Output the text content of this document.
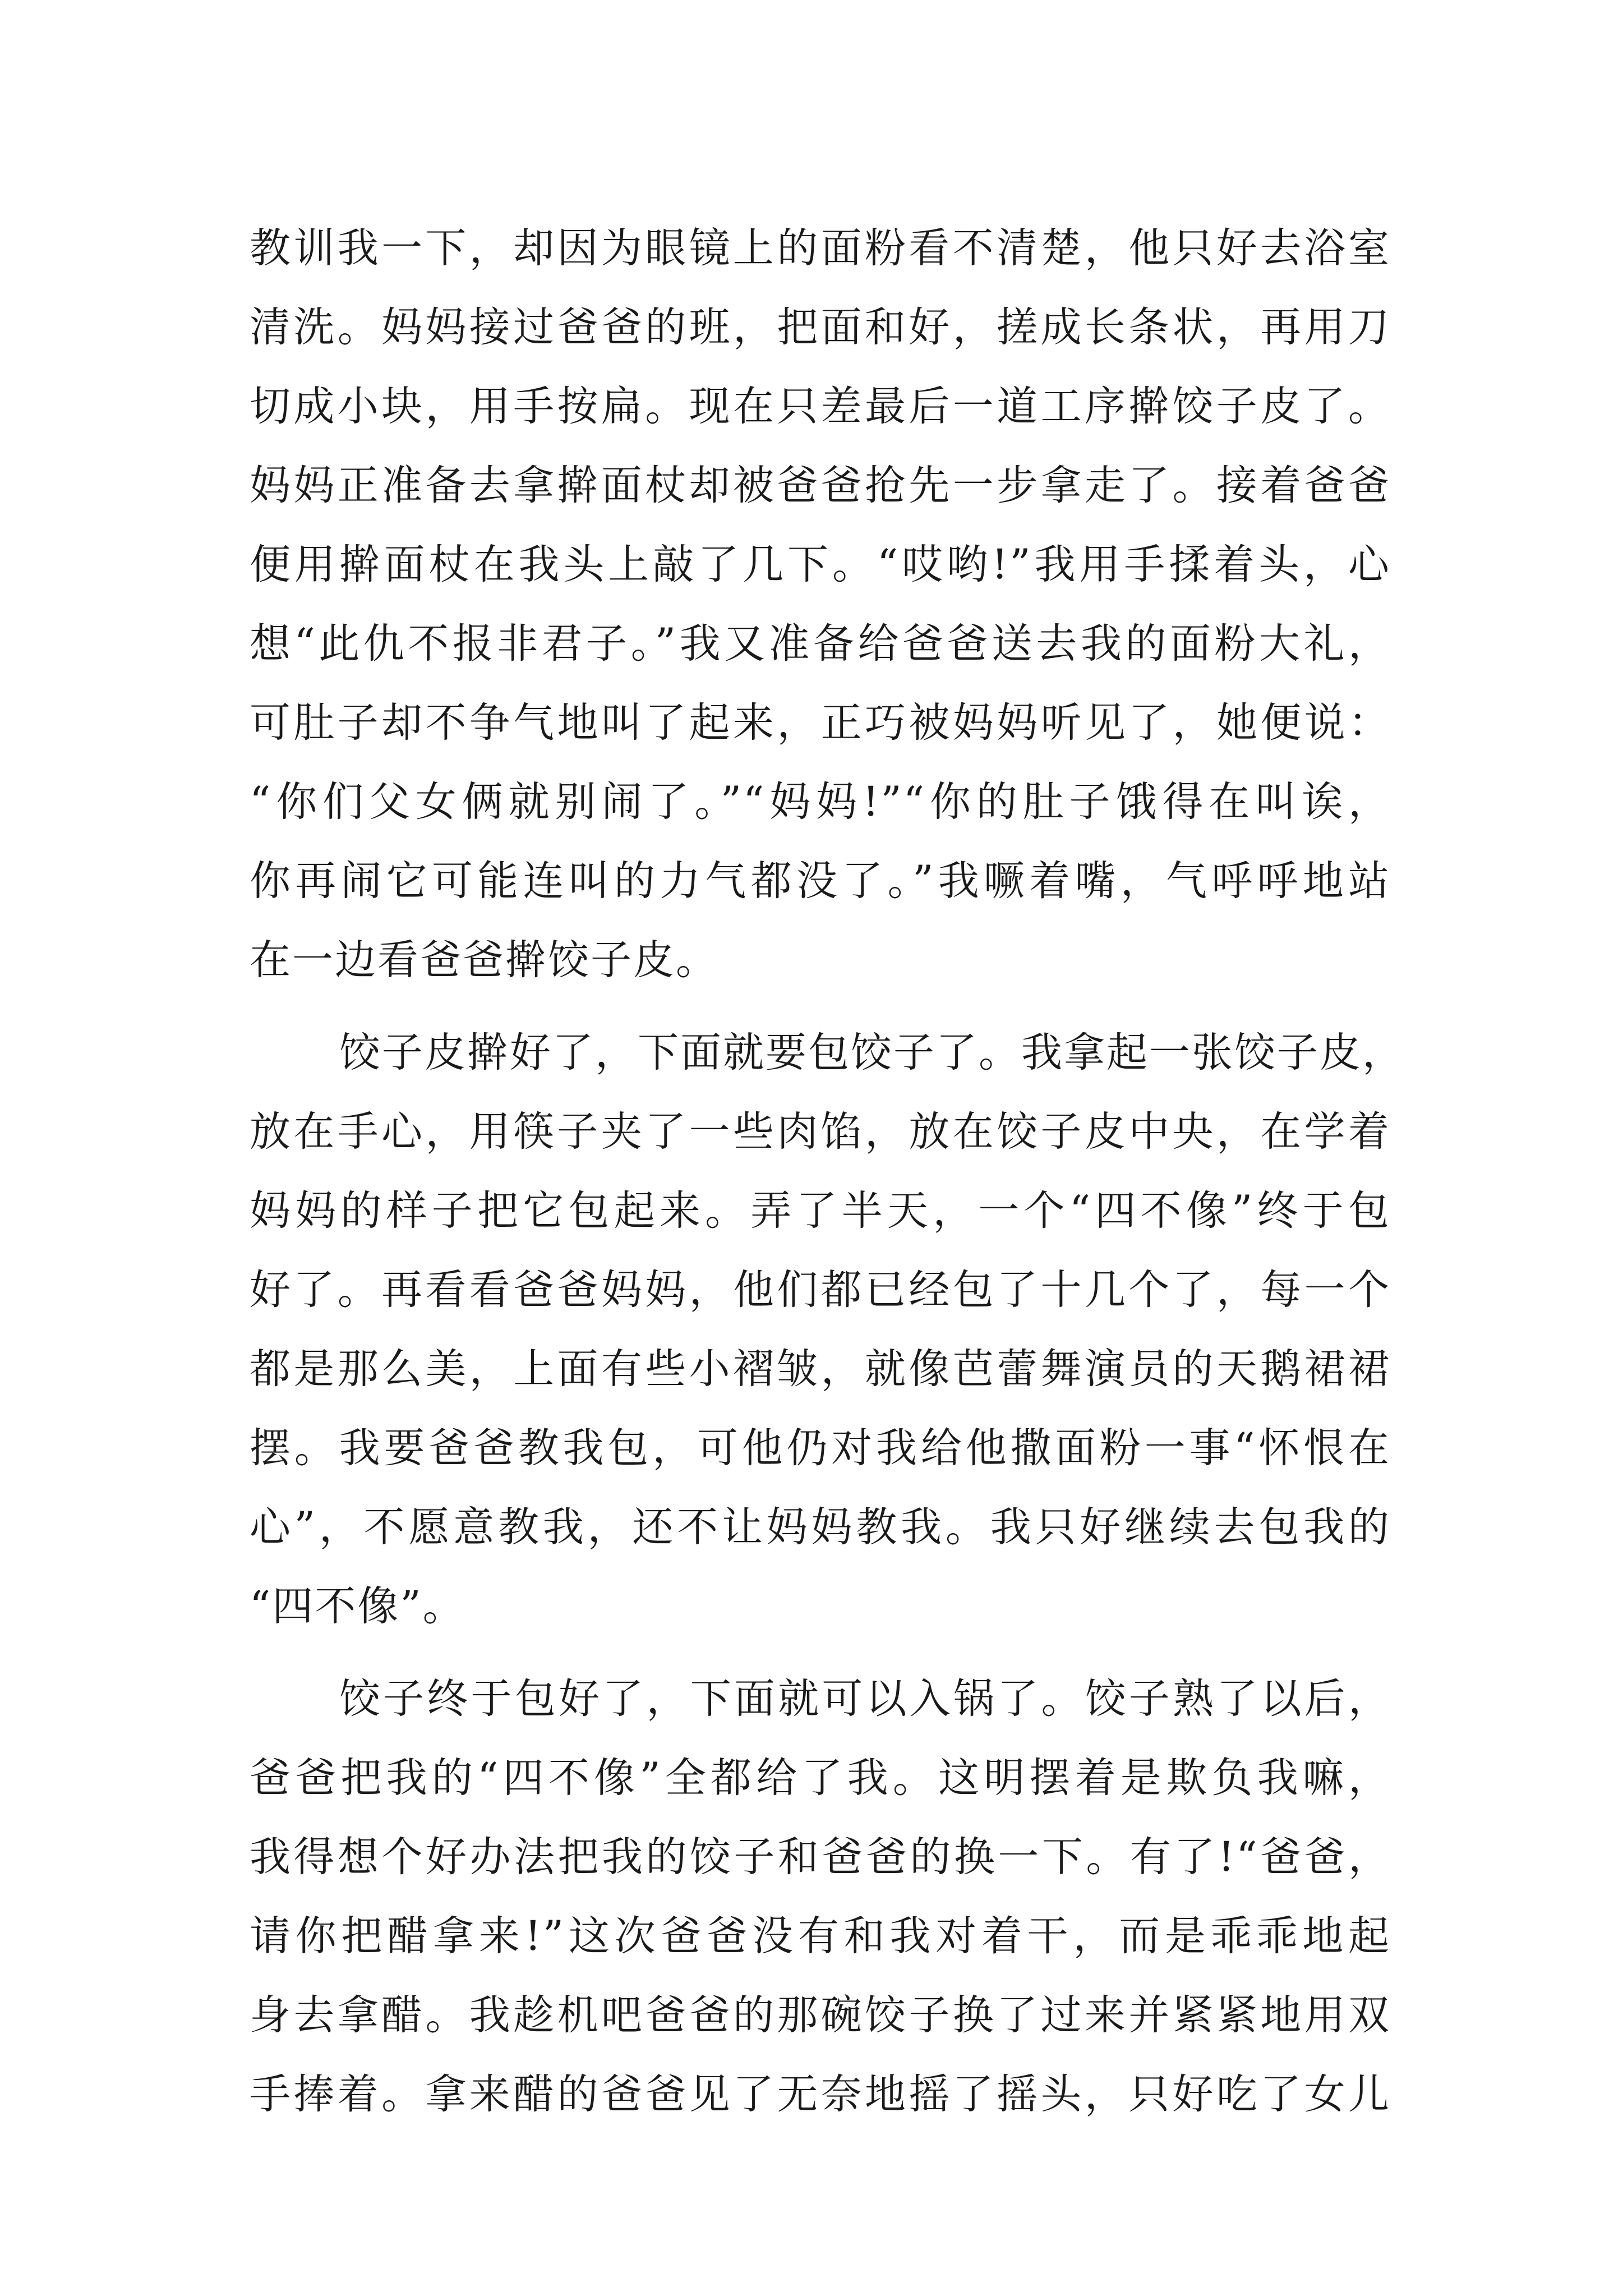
教训我一下，却因为眼镜上的面粉看不清楚，他只好去浴室
清洗。妈妈接过爸爸的班，把面和好，搓成长条状，再用刀
切成小块，用手按扁。现在只差最后一道工序擀饺子皮了。
妈妈正准备去拿擀面杖却被爸爸抢先一步拿走了。接着爸爸
便用擀面杖在我头上敲了几下。“哎哟!”我用手揉着头，心
想“此仇不报非君子。”我又准备给爸爸送去我的面粉大礼，
可肚子却不争气地叫了起来，正巧被妈妈听见了，她便说：
“你们父女俩就别闹了。”“妈妈!”“你的肚子饿得在叫诶，
你再闹它可能连叫的力气都没了。”我噘着嘴，气呼呼地站
在一边看爸爸擀饺子皮。
饺子皮擀好了，下面就要包饺子了。我拿起一张饺子皮，
放在手心，用筷子夹了一些肉馅，放在饺子皮中央，在学着
妈妈的样子把它包起来。弄了半天，一个“四不像”终于包
好了。再看看爸爸妈妈，他们都已经包了十几个了，每一个
都是那么美，上面有些小褶皱，就像芭蕾舞演员的天鹅裙裙
摆。我要爸爸教我包，可他仍对我给他撒面粉一事“怀恨在
心”，不愿意教我，还不让妈妈教我。我只好继续去包我的
“四不像”。
饺子终于包好了，下面就可以入锅了。饺子熟了以后，
爸爸把我的“四不像”全都给了我。这明摆着是欺负我嘛，
我得想个好办法把我的饺子和爸爸的换一下。有了!“爸爸，
请你把醋拿来!”这次爸爸没有和我对着干，而是乖乖地起
身去拿醋。我趁机吧爸爸的那碗饺子换了过来并紧紧地用双
手捧着。拿来醋的爸爸见了无奈地摇了摇头，只好吃了女儿
